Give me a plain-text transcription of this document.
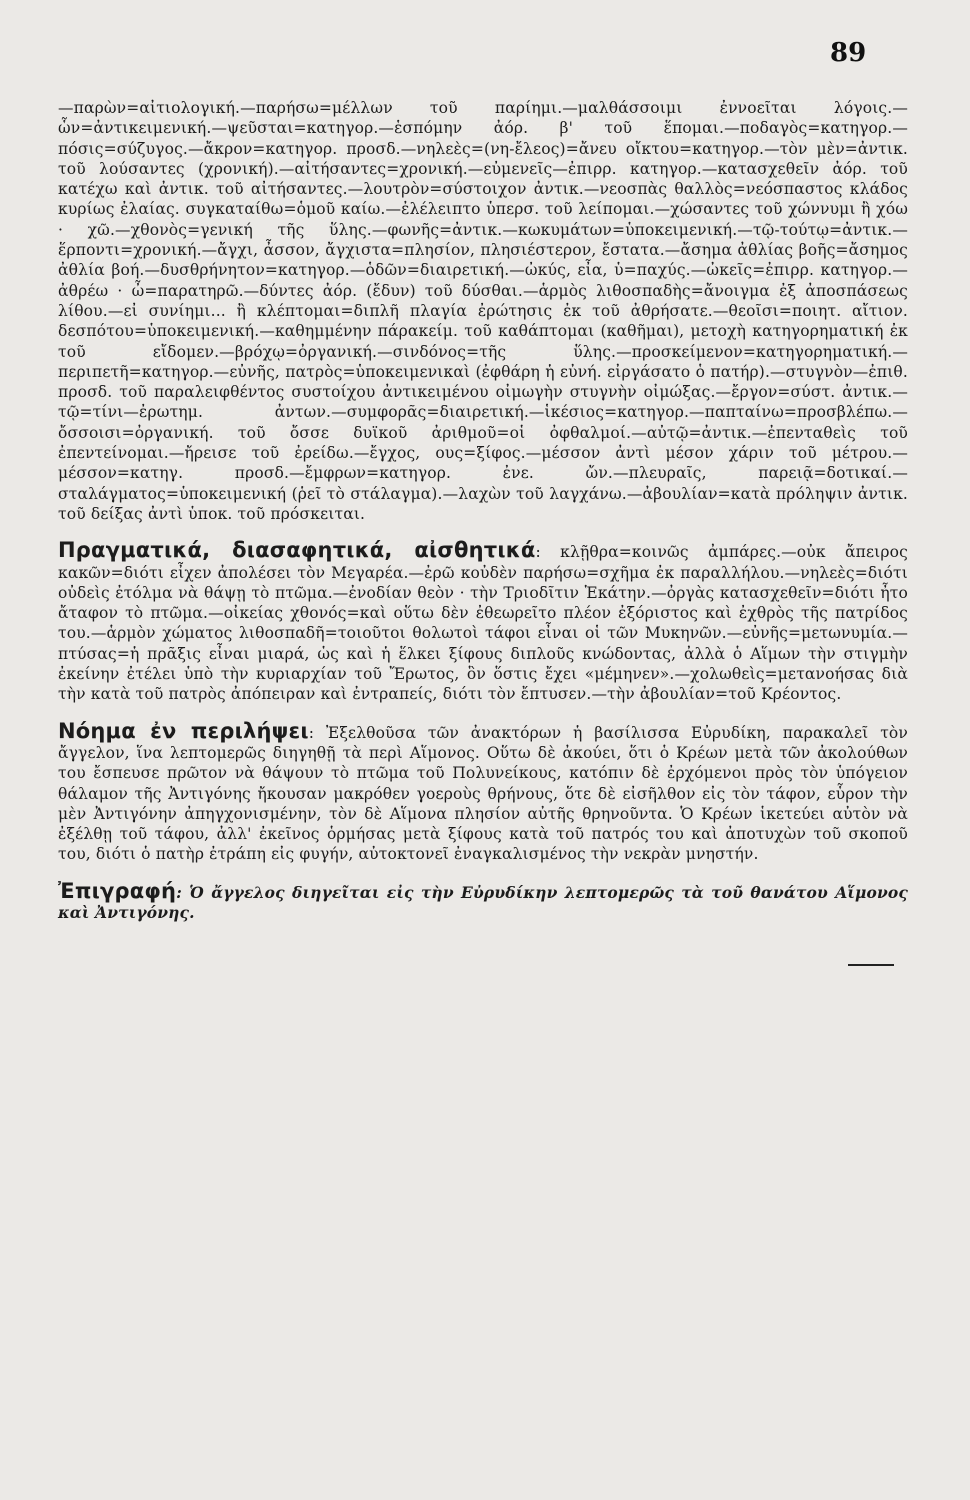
89

—παρὼν=αἰτιολογική.—παρήσω=μέλλων τοῦ παρίημι.—μαλθάσσοιμι ἐννοεῖται λόγοις.—ὧν=ἀντικειμενική.—ψεῦσται=κατηγορ.—ἑσπόμην ἀόρ. β' τοῦ ἕπομαι.—ποδαγὸς=κατηγορ.—πόσις=σύζυγος.—ἄκρον=κατηγορ. προσδ.—νηλεὲς=(νη-ἔλεος)=ἄνευ οἴκτου=κατηγορ.—τὸν μὲν=ἀντικ. τοῦ λούσαντες (χρονική).—αἰτήσαντες=χρονική.—εὐμενεῖς—ἐπιρρ. κατηγορ.—κατασχεθεῖν ἀόρ. τοῦ κατέχω καὶ ἀντικ. τοῦ αἰτήσαντες.—λουτρὸν=σύστοιχον ἀντικ.—νεοσπὰς θαλλὸς=νεόσπαστος κλάδος κυρίως ἐλαίας. συγκαταίθω=ὁμοῦ καίω.—ἐλέλειπτο ὑπερσ. τοῦ λείπομαι.—χώσαντες τοῦ χώννυμι ἢ χόω · χῶ.—χθονὸς=γενική τῆς ὕλης.—φωνῆς=ἀντικ.—κωκυμάτων=ὑποκειμενική.—τῷ-τούτῳ=ἀντικ.—ἕρποντι=χρονική.—ἄγχι, ἆσσον, ἄγχιστα=πλησίον, πλησιέστερον, ἔστατα.—ἄσημα ἀθλίας βοῆς=ἄσημος ἀθλία βοή.—δυσθρήνητον=κατηγορ.—ὁδῶν=διαιρετική.—ὠκύς, εἶα, ὑ=παχύς.—ὠκεῖς=ἐπιρρ. κατηγορ.—ἀθρέω · ὦ=παρατηρῶ.—δύντες ἀόρ. (ἔδυν) τοῦ δύσθαι.—ἁρμὸς λιθοσπαδὴς=ἄνοιγμα ἐξ ἀποσπάσεως λίθου.—εἰ συνίημι... ἢ κλέπτομαι=διπλῆ πλαγία ἐρώτησις ἐκ τοῦ ἀθρήσατε.—θεοῖσι=ποιητ. αἴτιον. δεσπότου=ὑποκειμενική.—καθημμένην πάρακείμ. τοῦ καθάπτομαι (καθῆμαι), μετοχὴ κατηγορηματική ἐκ τοῦ εἴδομεν.—βρόχῳ=ὀργανική.—σινδόνος=τῆς ὕλης.—προσκείμενον=κατηγορηματική.—περιπετῆ=κατηγορ.—εὐνῆς, πατρὸς=ὑποκειμενικαὶ (ἐφθάρη ἡ εὐνή. εἰργάσατο ὁ πατήρ).—στυγνὸν—ἐπιθ. προσδ. τοῦ παραλειφθέντος συστοίχου ἀντικειμένου οἰμωγὴν στυγνὴν οἰμώξας.—ἔργον=σύστ. ἀντικ.—τῷ=τίνι—ἐρωτημ. ἀντων.—συμφορᾶς=διαιρετική.—ἱκέσιος=κατηγορ.—παπταίνω=προσβλέπω.—ὄσσοισι=ὀργανική. τοῦ ὄσσε δυϊκοῦ ἀριθμοῦ=οἱ ὀφθαλμοί.—αὐτῷ=ἀντικ.—ἐπενταθεὶς τοῦ ἐπεντείνομαι.—ἤρεισε τοῦ ἐρείδω.—ἔγχος, ους=ξίφος.—μέσσον ἀντὶ μέσον χάριν τοῦ μέτρου.—μέσσον=κατηγ. προσδ.—ἔμφρων=κατηγορ. ἐνε. ὤν.—πλευραῖς, παρειᾷ=δοτικαί.—σταλάγματος=ὑποκειμενική (ῥεῖ τὸ στάλαγμα).—λαχὼν τοῦ λαγχάνω.—ἀβουλίαν=κατὰ πρόληψιν ἀντικ. τοῦ δείξας ἀντὶ ὑποκ. τοῦ πρόσκειται.

Πραγματικά, διασαφητικά, αἰσθητικά: κλῇθρα=κοινῶς ἀμπάρες.—οὐκ ἄπειρος κακῶν=διότι εἶχεν ἀπολέσει τὸν Μεγαρέα.—ἐρῶ κοὐδὲν παρήσω=σχῆμα ἐκ παραλλήλου.—νηλεὲς=διότι οὐδεὶς ἐτόλμα νὰ θάψῃ τὸ πτῶμα.—ἐνοδίαν θεὸν · τὴν Τριοδῖτιν Ἑκάτην.—ὀργὰς κατασχεθεῖν=διότι ἦτο ἄταφον τὸ πτῶμα.—οἰκείας χθονός=καὶ οὕτω δὲν ἐθεωρεῖτο πλέον ἐξόριστος καὶ ἐχθρὸς τῆς πατρίδος του.—ἁρμὸν χώματος λιθοσπαδῆ=τοιοῦτοι θολωτοὶ τάφοι εἶναι οἱ τῶν Μυκηνῶν.—εὐνῆς=μετωνυμία.—πτύσας=ἡ πρᾶξις εἶναι μιαρά, ὡς καὶ ἡ ἕλκει ξίφους διπλοῦς κνώδοντας, ἀλλὰ ὁ Αἵμων τὴν στιγμὴν ἐκείνην ἐτέλει ὑπὸ τὴν κυριαρχίαν τοῦ Ἔρωτος, ὃν ὅστις ἔχει «μέμηνεν».—χολωθεὶς=μετανοήσας διὰ τὴν κατὰ τοῦ πατρὸς ἀπόπειραν καὶ ἐντραπείς, διότι τὸν ἔπτυσεν.—τὴν ἀβουλίαν=τοῦ Κρέοντος.

Νόημα ἐν περιλήψει: Ἐξελθοῦσα τῶν ἀνακτόρων ἡ βασίλισσα Εὐρυδίκη, παρακαλεῖ τὸν ἄγγελον, ἵνα λεπτομερῶς διηγηθῇ τὰ περὶ Αἵμονος. Οὕτω δὲ ἀκούει, ὅτι ὁ Κρέων μετὰ τῶν ἀκολούθων του ἔσπευσε πρῶτον νὰ θάψουν τὸ πτῶμα τοῦ Πολυνείκους, κατόπιν δὲ ἐρχόμενοι πρὸς τὸν ὑπόγειον θάλαμον τῆς Ἀντιγόνης ἤκουσαν μακρόθεν γοεροὺς θρήνους, ὅτε δὲ εἰσῆλθον εἰς τὸν τάφον, εὗρον τὴν μὲν Ἀντιγόνην ἀπηγχονισμένην, τὸν δὲ Αἵμονα πλησίον αὐτῆς θρηνοῦντα. Ὁ Κρέων ἱκετεύει αὐτὸν νὰ ἐξέλθῃ τοῦ τάφου, ἀλλ' ἐκεῖνος ὁρμήσας μετὰ ξίφους κατὰ τοῦ πατρός του καὶ ἀποτυχὼν τοῦ σκοποῦ του, διότι ὁ πατὴρ ἐτράπη εἰς φυγήν, αὐτοκτονεῖ ἐναγκαλισμένος τὴν νεκρὰν μνηστήν.

Ἐπιγραφή: Ὁ ἄγγελος διηγεῖται εἰς τὴν Εὐρυδίκην λεπτομερῶς τὰ τοῦ θανάτου Αἵμονος καὶ Ἀντιγόνης.
